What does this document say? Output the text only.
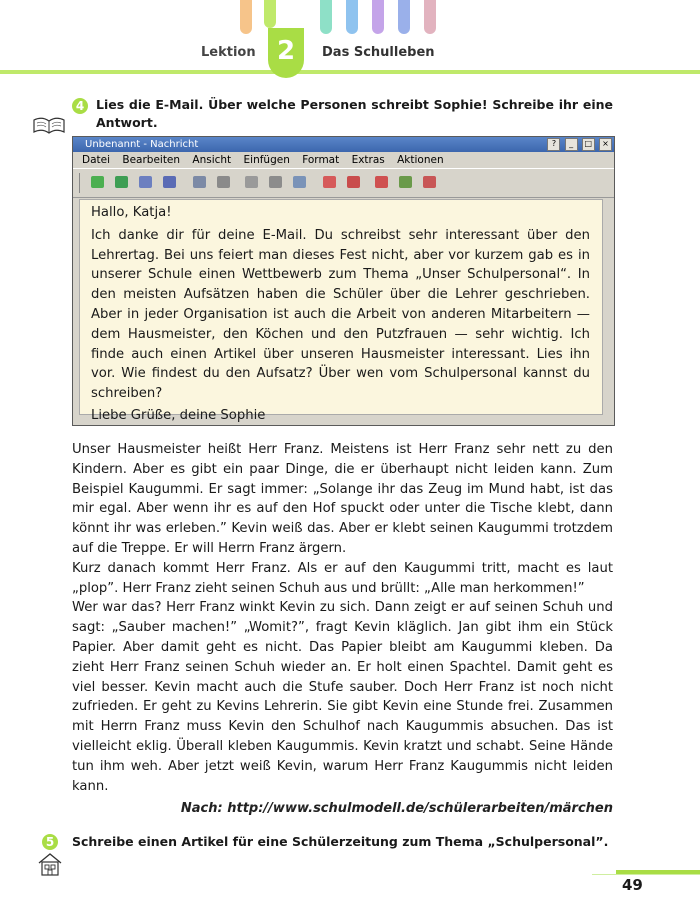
Lektion 2	Das Schulleben
4 Lies die E-Mail. Über welche Personen schreibt Sophie! Schreibe ihr eine Antwort.
Unbenannt - Nachricht	? _ □ ×
Datei Bearbeiten Ansicht Einfügen Format Extras Aktionen

Hallo, Katja!

Ich danke dir für deine E-Mail. Du schreibst sehr interessant über den Lehrertag. Bei uns feiert man dieses Fest nicht, aber vor kurzem gab es in unserer Schule einen Wettbewerb zum Thema „Unser Schulpersonal“. In den meisten Aufsätzen haben die Schüler über die Lehrer geschrieben. Aber in jeder Organisation ist auch die Arbeit von anderen Mitarbeitern — dem Hausmeister, den Köchen und den Putzfrauen — sehr wichtig. Ich finde auch einen Artikel über unseren Hausmeister interessant. Lies ihn vor. Wie findest du den Aufsatz? Über wen vom Schulpersonal kannst du schreiben?

Liebe Grüße, deine Sophie

Unser Hausmeister heißt Herr Franz. Meistens ist Herr Franz sehr nett zu den Kindern. Aber es gibt ein paar Dinge, die er überhaupt nicht leiden kann. Zum Beispiel Kaugummi. Er sagt immer: „Solange ihr das Zeug im Mund habt, ist das mir egal. Aber wenn ihr es auf den Hof spuckt oder unter die Tische klebt, dann könnt ihr was erleben.” Kevin weiß das. Aber er klebt seinen Kaugummi trotzdem auf die Treppe. Er will Herrn Franz ärgern.

Kurz danach kommt Herr Franz. Als er auf den Kaugummi tritt, macht es laut „plop”. Herr Franz zieht seinen Schuh aus und brüllt: „Alle man herkommen!”

Wer war das? Herr Franz winkt Kevin zu sich. Dann zeigt er auf seinen Schuh und sagt: „Sauber machen!” „Womit?”, fragt Kevin kläglich. Jan gibt ihm ein Stück Papier. Aber damit geht es nicht. Das Papier bleibt am Kaugummi kleben. Da zieht Herr Franz seinen Schuh wieder an. Er holt einen Spachtel. Damit geht es viel besser. Kevin macht auch die Stufe sauber. Doch Herr Franz ist noch nicht zufrieden. Er geht zu Kevins Lehrerin. Sie gibt Kevin eine Stunde frei. Zusammen mit Herrn Franz muss Kevin den Schulhof nach Kaugummis absuchen. Das ist vielleicht eklig. Überall kleben Kaugummis. Kevin kratzt und schabt. Seine Hände tun ihm weh. Aber jetzt weiß Kevin, warum Herr Franz Kaugummis nicht leiden kann.

Nach: http://www.schulmodell.de/schülerarbeiten/märchen
5	Schreibe einen Artikel für eine Schülerzeitung zum Thema „Schulpersonal”.
49
